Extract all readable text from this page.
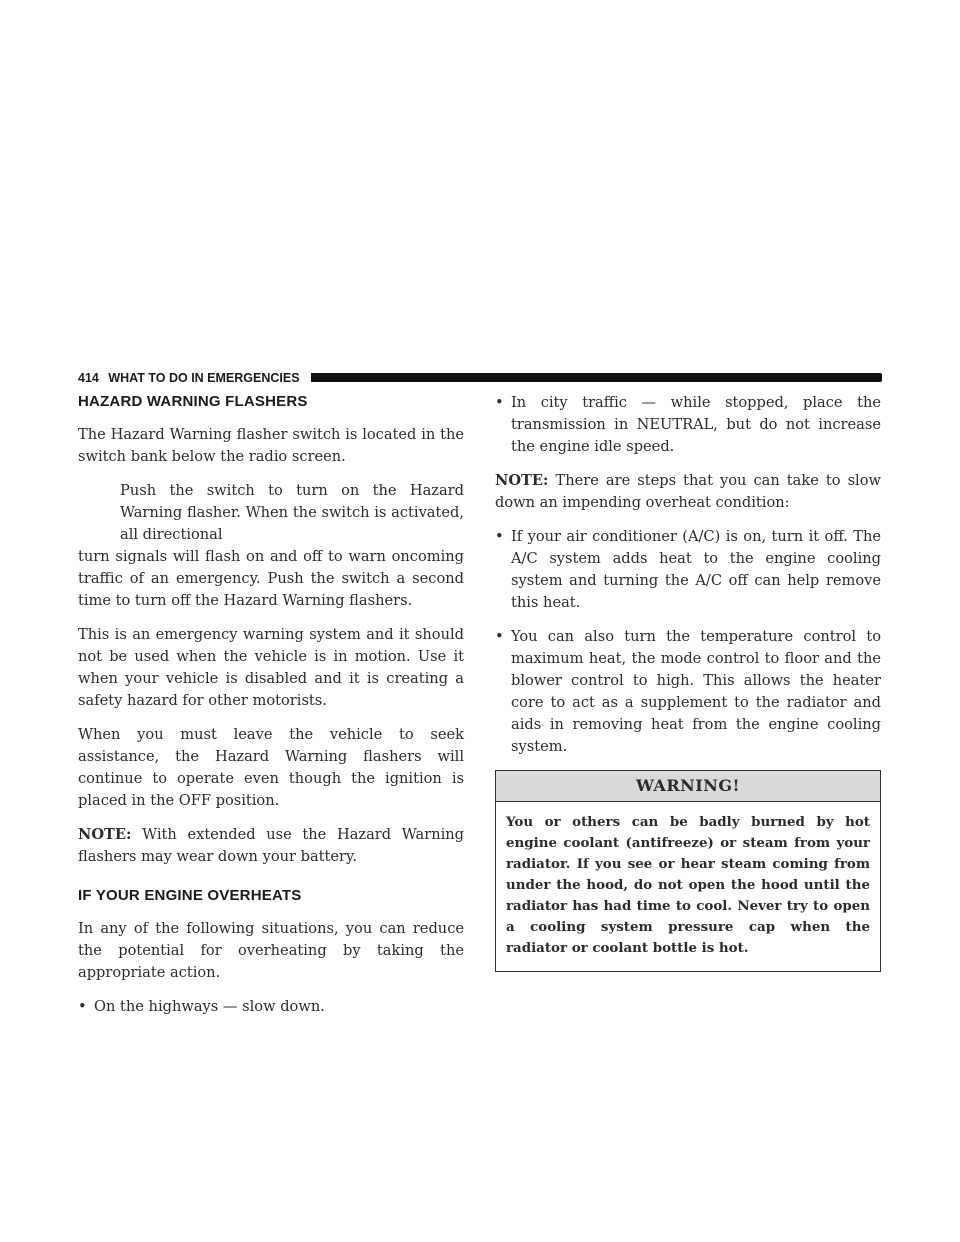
414 WHAT TO DO IN EMERGENCIES
HAZARD WARNING FLASHERS

The Hazard Warning flasher switch is located in the switch bank below the radio screen.

Push the switch to turn on the Hazard Warning flasher. When the switch is activated, all directional
turn signals will flash on and off to warn oncoming traffic of an emergency. Push the switch a second time to turn off the Hazard Warning flashers.

This is an emergency warning system and it should not be used when the vehicle is in motion. Use it when your vehicle is disabled and it is creating a safety hazard for other motorists.

When you must leave the vehicle to seek assistance, the Hazard Warning flashers will continue to operate even though the ignition is placed in the OFF position.

NOTE: With extended use the Hazard Warning flashers may wear down your battery.

IF YOUR ENGINE OVERHEATS

In any of the following situations, you can reduce the potential for overheating by taking the appropriate action.

• On the highways — slow down.
• In city traffic — while stopped, place the transmission in NEUTRAL, but do not increase the engine idle speed.

NOTE: There are steps that you can take to slow down an impending overheat condition:

• If your air conditioner (A/C) is on, turn it off. The A/C system adds heat to the engine cooling system and turning the A/C off can help remove this heat.
• You can also turn the temperature control to maximum heat, the mode control to floor and the blower control to high. This allows the heater core to act as a supplement to the radiator and aids in removing heat from the engine cooling system.
WARNING!
You or others can be badly burned by hot engine coolant (antifreeze) or steam from your radiator. If you see or hear steam coming from under the hood, do not open the hood until the radiator has had time to cool. Never try to open a cooling system pressure cap when the radiator or coolant bottle is hot.
